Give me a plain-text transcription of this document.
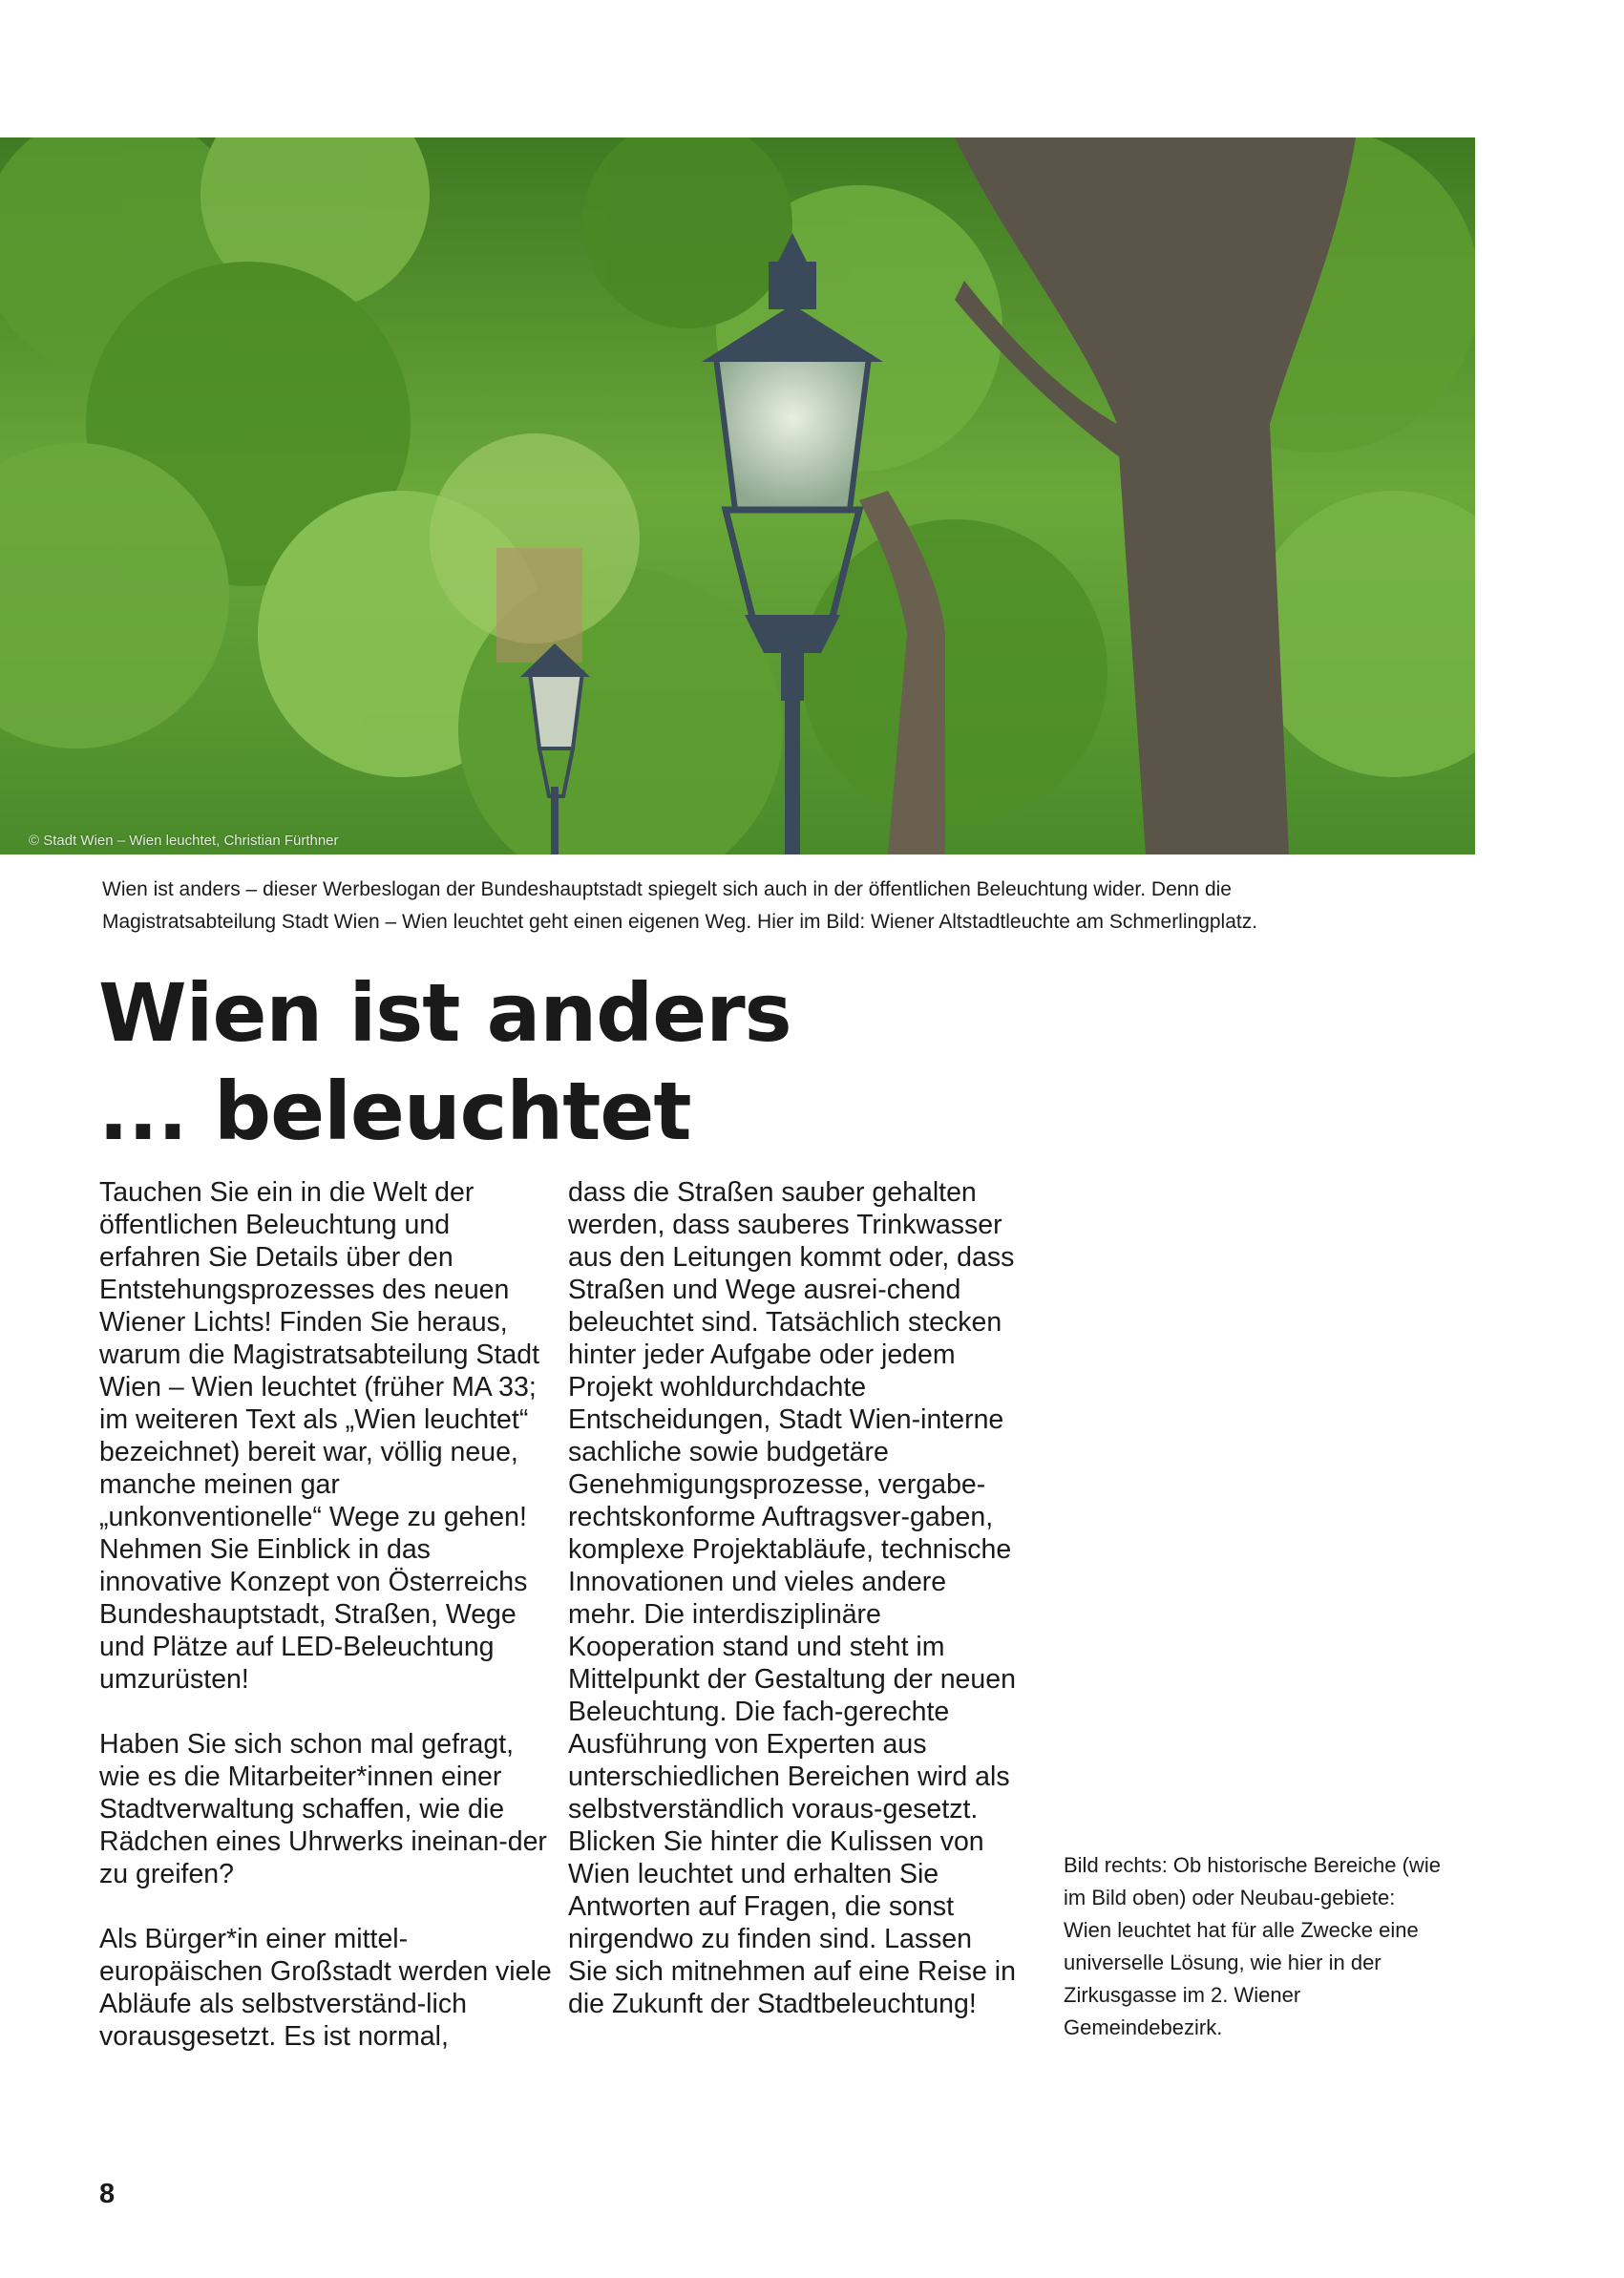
© Stadt Wien – Wien leuchtet, Christian Fürthner
Wien ist anders – dieser Werbeslogan der Bundeshauptstadt spiegelt sich auch in der öffentlichen Beleuchtung wider. Denn die
Magistratsabteilung Stadt Wien – Wien leuchtet geht einen eigenen Weg. Hier im Bild: Wiener Altstadtleuchte am Schmerlingplatz.
Wien ist anders
... beleuchtet

Tauchen Sie ein in die Welt der öffentlichen Beleuchtung und erfahren Sie Details über den Entstehungsprozesses des neuen Wiener Lichts! Finden Sie heraus, warum die Magistratsabteilung Stadt Wien – Wien leuchtet (früher MA 33; im weiteren Text als „Wien leuchtet“ bezeichnet) bereit war, völlig neue, manche meinen gar „unkonventionelle“ Wege zu gehen! Nehmen Sie Einblick in das innovative Konzept von Österreichs Bundeshauptstadt, Straßen, Wege und Plätze auf LED-Beleuchtung umzurüsten!

Haben Sie sich schon mal gefragt, wie es die Mitarbeiter*innen einer Stadtverwaltung schaffen, wie die Rädchen eines Uhrwerks ineinan-der zu greifen?

Als Bürger*in einer mittel-europäischen Großstadt werden viele Abläufe als selbstverständ-lich vorausgesetzt. Es ist normal,

dass die Straßen sauber gehalten werden, dass sauberes Trinkwasser aus den Leitungen kommt oder, dass Straßen und Wege ausrei-chend beleuchtet sind. Tatsächlich stecken hinter jeder Aufgabe oder jedem Projekt wohldurchdachte Entscheidungen, Stadt Wien-interne sachliche sowie budgetäre Genehmigungsprozesse, vergabe-rechtskonforme Auftragsver-gaben, komplexe Projektabläufe, technische Innovationen und vieles andere mehr. Die interdisziplinäre Kooperation stand und steht im Mittelpunkt der Gestaltung der neuen Beleuchtung. Die fach-gerechte Ausführung von Experten aus unterschiedlichen Bereichen wird als selbstverständlich voraus-gesetzt. Blicken Sie hinter die Kulissen von Wien leuchtet und erhalten Sie Antworten auf Fragen, die sonst nirgendwo zu finden sind. Lassen Sie sich mitnehmen auf eine Reise in die Zukunft der Stadtbeleuchtung!

Bild rechts: Ob historische Bereiche (wie im Bild oben) oder Neubau-gebiete: Wien leuchtet hat für alle Zwecke eine universelle Lösung, wie hier in der Zirkusgasse im 2. Wiener Gemeindebezirk.
8
